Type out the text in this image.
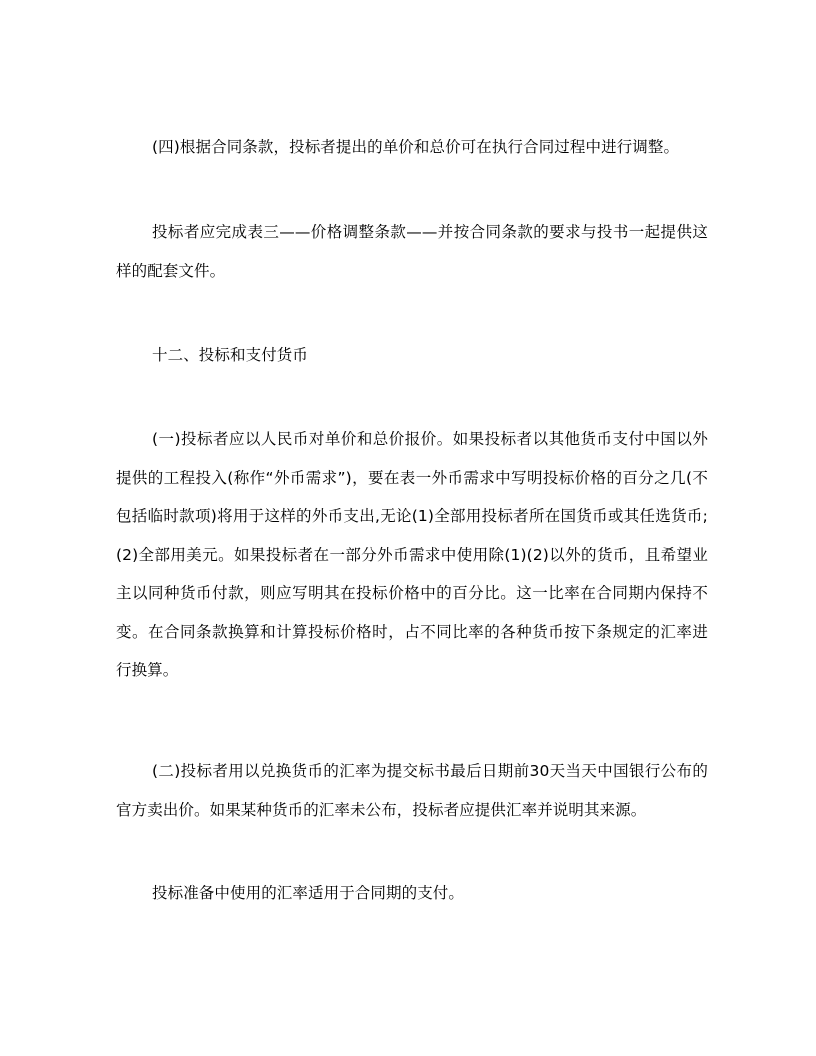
(四)根据合同条款，投标者提出的单价和总价可在执行合同过程中进行调整。

投标者应完成表三——价格调整条款——并按合同条款的要求与投书一起提供这样的配套文件。

十二、投标和支付货币

(一)投标者应以人民币对单价和总价报价。如果投标者以其他货币支付中国以外提供的工程投入(称作“外币需求”)，要在表一外币需求中写明投标价格的百分之几(不包括临时款项)将用于这样的外币支出,无论(1)全部用投标者所在国货币或其任选货币;(2)全部用美元。如果投标者在一部分外币需求中使用除(1)(2)以外的货币，且希望业主以同种货币付款，则应写明其在投标价格中的百分比。这一比率在合同期内保持不变。在合同条款换算和计算投标价格时，占不同比率的各种货币按下条规定的汇率进行换算。

(二)投标者用以兑换货币的汇率为提交标书最后日期前30天当天中国银行公布的官方卖出价。如果某种货币的汇率未公布，投标者应提供汇率并说明其来源。

投标准备中使用的汇率适用于合同期的支付。
